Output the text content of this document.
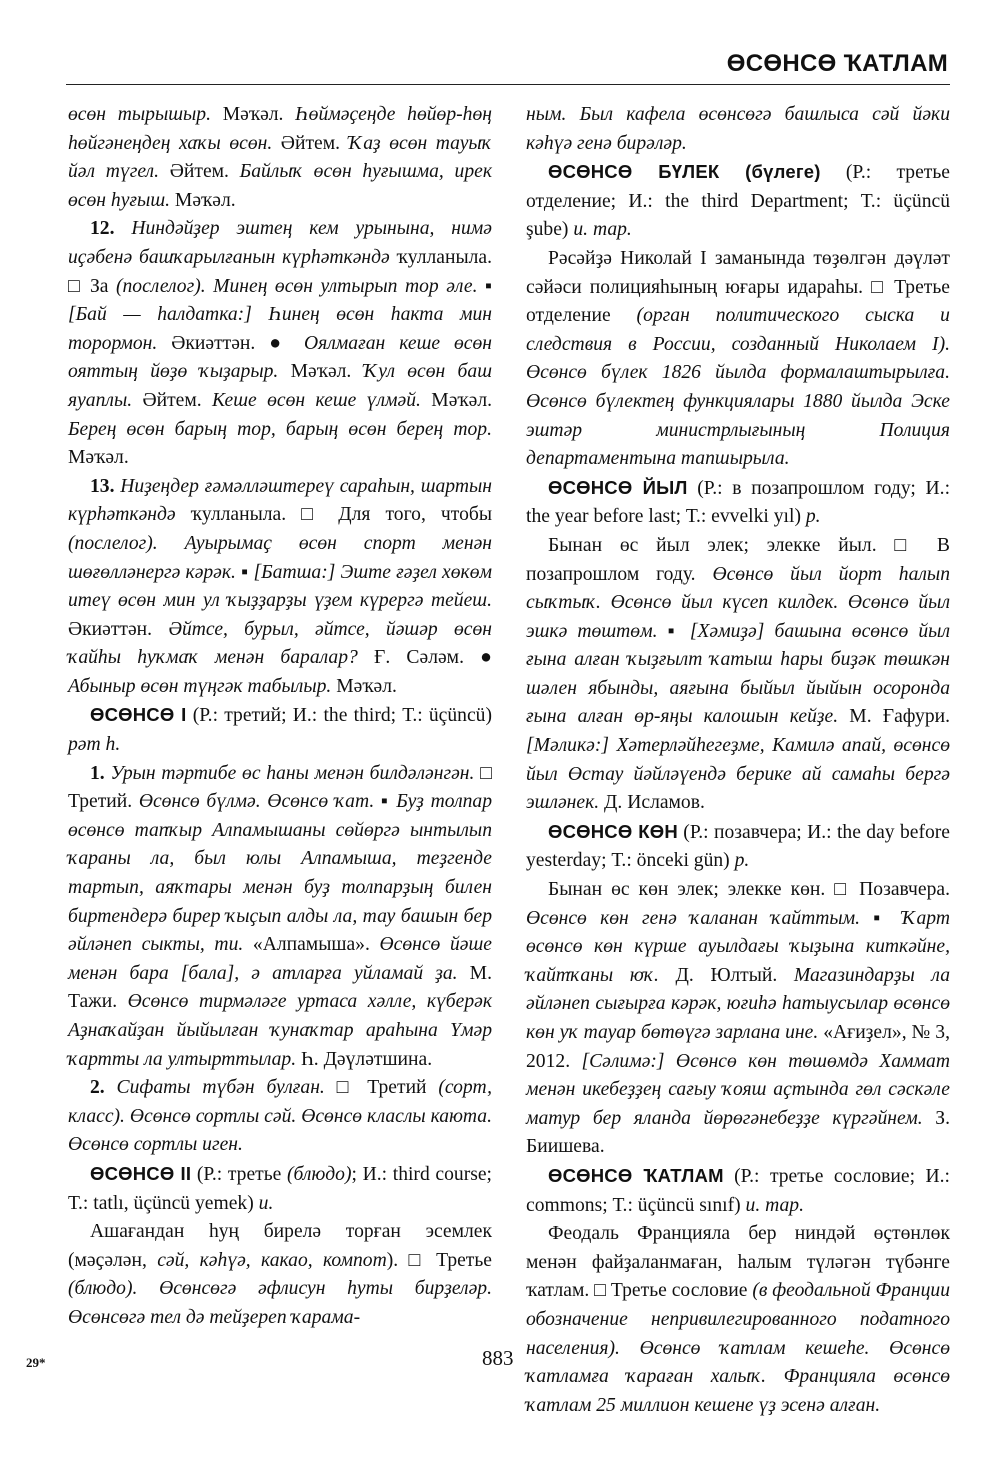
ӨСӨНСӨ ҠАТЛАМ

өсөн тырышыр. Мәҡәл. Һөймәҫеңде һөйөр-һөң һөйгәнеңдең хаҡы өсөн. Әйтем. Ҡаҙ өсөн тауыҡ йәл түгел. Әйтем. Байлыҡ өсөн һуғышма, ирек өсөн һуғыш. Мәҡәл.

12. Ниндәйҙер эштең кем урынына, нимә иҫәбенә башҡарылғанын күрһәткәндә ҡулланыла. □ За (послелог). Минең өсөн ултырып тор әле. ▪ [Бай — һалдатка:] Һинең өсөн һакта мин торормон. Әкиәттән. ● Оялмаған кеше өсөн ояттың йөҙө ҡыҙарыр. Мәҡәл. Ҡул өсөн баш яуаплы. Әйтем. Кеше өсөн кеше үлмәй. Мәҡәл. Берең өсөн барың тор, барың өсөн берең тор. Мәҡәл.

13. Ниҙеңдер ғәмәлләштереү сараһын, шартын күрһәткәндә ҡулланыла. □ Для того, чтобы (послелог). Ауырымаҫ өсөн спорт менән шөғөлләнергә кәрәк. ▪ [Батша:] Эште ғәҙел хөкөм итеү өсөн мин ул ҡыҙҙарҙы үҙем күрергә тейеш. Әкиәттән. Әйтсе, бурыл, әйтсе, йәшәр өсөн ҡайһы һуҡмаҡ менән баралар? Ғ. Сәләм. ● Абыныр өсөн түңгәк табылыр. Мәҡәл.

ӨСӨНСӨ I (Р.: третий; И.: the third; Т.: üçüncü) рәт h.

1. Урын тәртибе өс һаны менән билдәләнгән. □ Третий. Өсөнсө бүлмә. Өсөнсө ҡат. ▪ Буҙ толпар өсөнсө тапҡыр Алпамышаны сөйөргә ынтылып ҡараны ла, был юлы Алпамыша, теҙгенде тартып, аяҡтары менән буҙ толпарҙың билен биртендерә бирер ҡыҫып алды ла, тау башын бер әйләнеп сыкты, ти. «Алпамыша». Өсөнсө йәше менән бара [бала], ә атларға уйламай ҙа. М. Тажи. Өсөнсө тирмәләге уртаса хәлле, күберәк Аҙнаҡайҙан йыйылған ҡунаҡтар араһына Үмәр ҡартты ла ултырттылар. Һ. Дәүләтшина.

2. Сифаты түбән булған. □ Третий (сорт, класс). Өсөнсө сортлы сәй. Өсөнсө класлы каюта. Өсөнсө сортлы иген.

ӨСӨНСӨ II (Р.: третье (блюдо); И.: third course; Т.: tatlı, üçüncü yemek) и.

Ашағандан һуң бирелә торған эсемлек (мәҫәлән, сәй, кәһүә, какао, компот). □ Третье (блюдо). Өсөнсөгә әфлисун һуты бирҙеләр. Өсөнсөгә тел дә тейҙереп ҡарама-

ным. Был кафела өсөнсөгә башлыса сәй йәки кәһүә генә бирәләр.

ӨСӨНСӨ БҮЛЕК (бүлеге) (Р.: третье отделение; И.: the third Department; Т.: üçüncü şube) и. тар.

Рәсәйҙә Николай I заманында төҙөлгән дәүләт сәйәси полицияһының юғары идараһы. □ Третье отделение (орган политического сыска и следствия в России, созданный Николаем I). Өсөнсө бүлек 1826 йылда формалаштырылға. Өсөнсө бүлектең функциялары 1880 йылда Эске эштәр министрлығының Полиция департаментына тапшырыла.

ӨСӨНСӨ ЙЫЛ (Р.: в позапрошлом году; И.: the year before last; Т.: evvelki yıl) р.

Бынан өс йыл элек; элекке йыл. □ В позапрошлом году. Өсөнсө йыл йорт һалып сыҡтыҡ. Өсөнсө йыл күсеп килдек. Өсөнсө йыл эшкә төштөм. ▪ [Хәмиҙә] башына өсөнсө йыл ғына алған ҡыҙғылт ҡатыш һары биҙәк төшкән шәлен ябынды, аяғына быйыл йыйын осоронда ғына алған өр-яңы калошын кейҙе. М. Ғафури. [Мәликә:] Хәтерләйһегеҙме, Камилә апай, өсөнсө йыл Өстау йәйләүендә берике ай самаһы бергә эшләнек. Д. Исламов.

ӨСӨНСӨ КӨН (Р.: позавчера; И.: the day before yesterday; Т.: önceki gün) р.

Бынан өс көн элек; элекке көн. □ Позавчера. Өсөнсө көн генә ҡаланан ҡайттым. ▪ Ҡарт өсөнсө көн күрше ауылдағы ҡыҙына киткәйне, ҡайтҡаны юҡ. Д. Юлтый. Магазиндарҙы ла әйләнеп сығырға кәрәк, юғиһә һатыусылар өсөнсө көн уҡ тауар бөтөүгә зарлана ине. «Ағиҙел», № 3, 2012. [Сәлимә:] Өсөнсө көн төшөмдә Хаммат менән икебеҙҙең сағыу ҡояш аҫтында гөл сәскәле матур бер яланда йөрөгәнебеҙҙе күргәйнем. З. Биишева.

ӨСӨНСӨ ҠАТЛАМ (Р.: третье сословие; И.: commons; Т.: üçüncü sınıf) и. тар.

Феодаль Францияла бер ниндәй өҫтөнлөк менән файҙаланмаған, һалым түләгән түбәнге ҡатлам. □ Третье сословие (в феодальной Франции обозначение непривилегированного податного населения). Өсөнсө ҡатлам кешеһе. Өсөнсө ҡатламға ҡараған халыҡ. Францияла өсөнсө ҡатлам 25 миллион кешене үҙ эсенә алған.

29*	883
